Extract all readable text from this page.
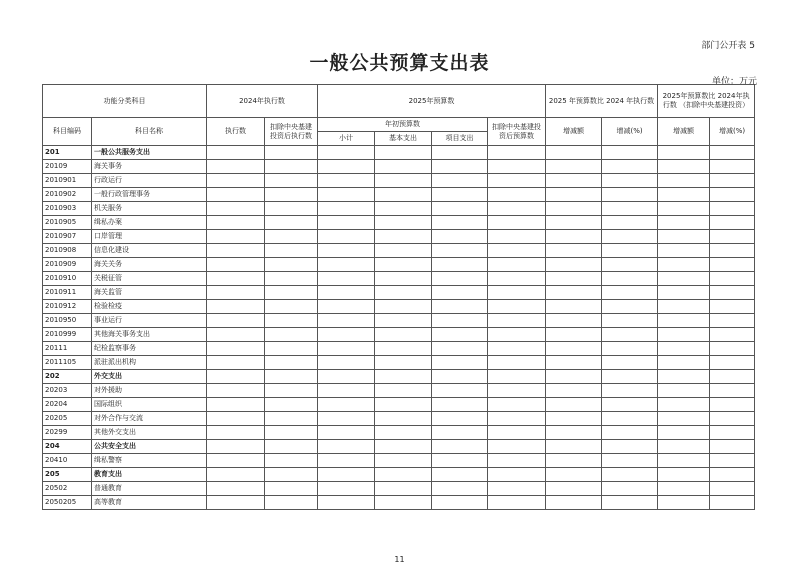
部门公开表 5
一般公共预算支出表
单位：万元
功能分类科目		2024年执行数		2025年预算数				2025 年预算数比 2024 年执行数		2025年预算数比 2024年执行数 （扣除中央基建投资）	
科目编码	科目名称	执行数	扣除中央基建投资后执行数	年初预算数			扣除中央基建投资后预算数	增减额	增减(%)	增减额	增减(%)
				小计	基本支出	项目支出					
201	一般公共服务支出										
20109	海关事务										
2010901	行政运行										
2010902	一般行政管理事务										
2010903	机关服务										
2010905	缉私办案										
2010907	口岸管理										
2010908	信息化建设										
2010909	海关关务										
2010910	关税征管										
2010911	海关监管										
2010912	检验检疫										
2010950	事业运行										
2010999	其他海关事务支出										
20111	纪检监察事务										
2011105	派驻派出机构										
202	外交支出										
20203	对外援助										
20204	国际组织										
20205	对外合作与交流										
20299	其他外交支出										
204	公共安全支出										
20410	缉私警察										
205	教育支出										
20502	普通教育										
2050205	高等教育										
11
